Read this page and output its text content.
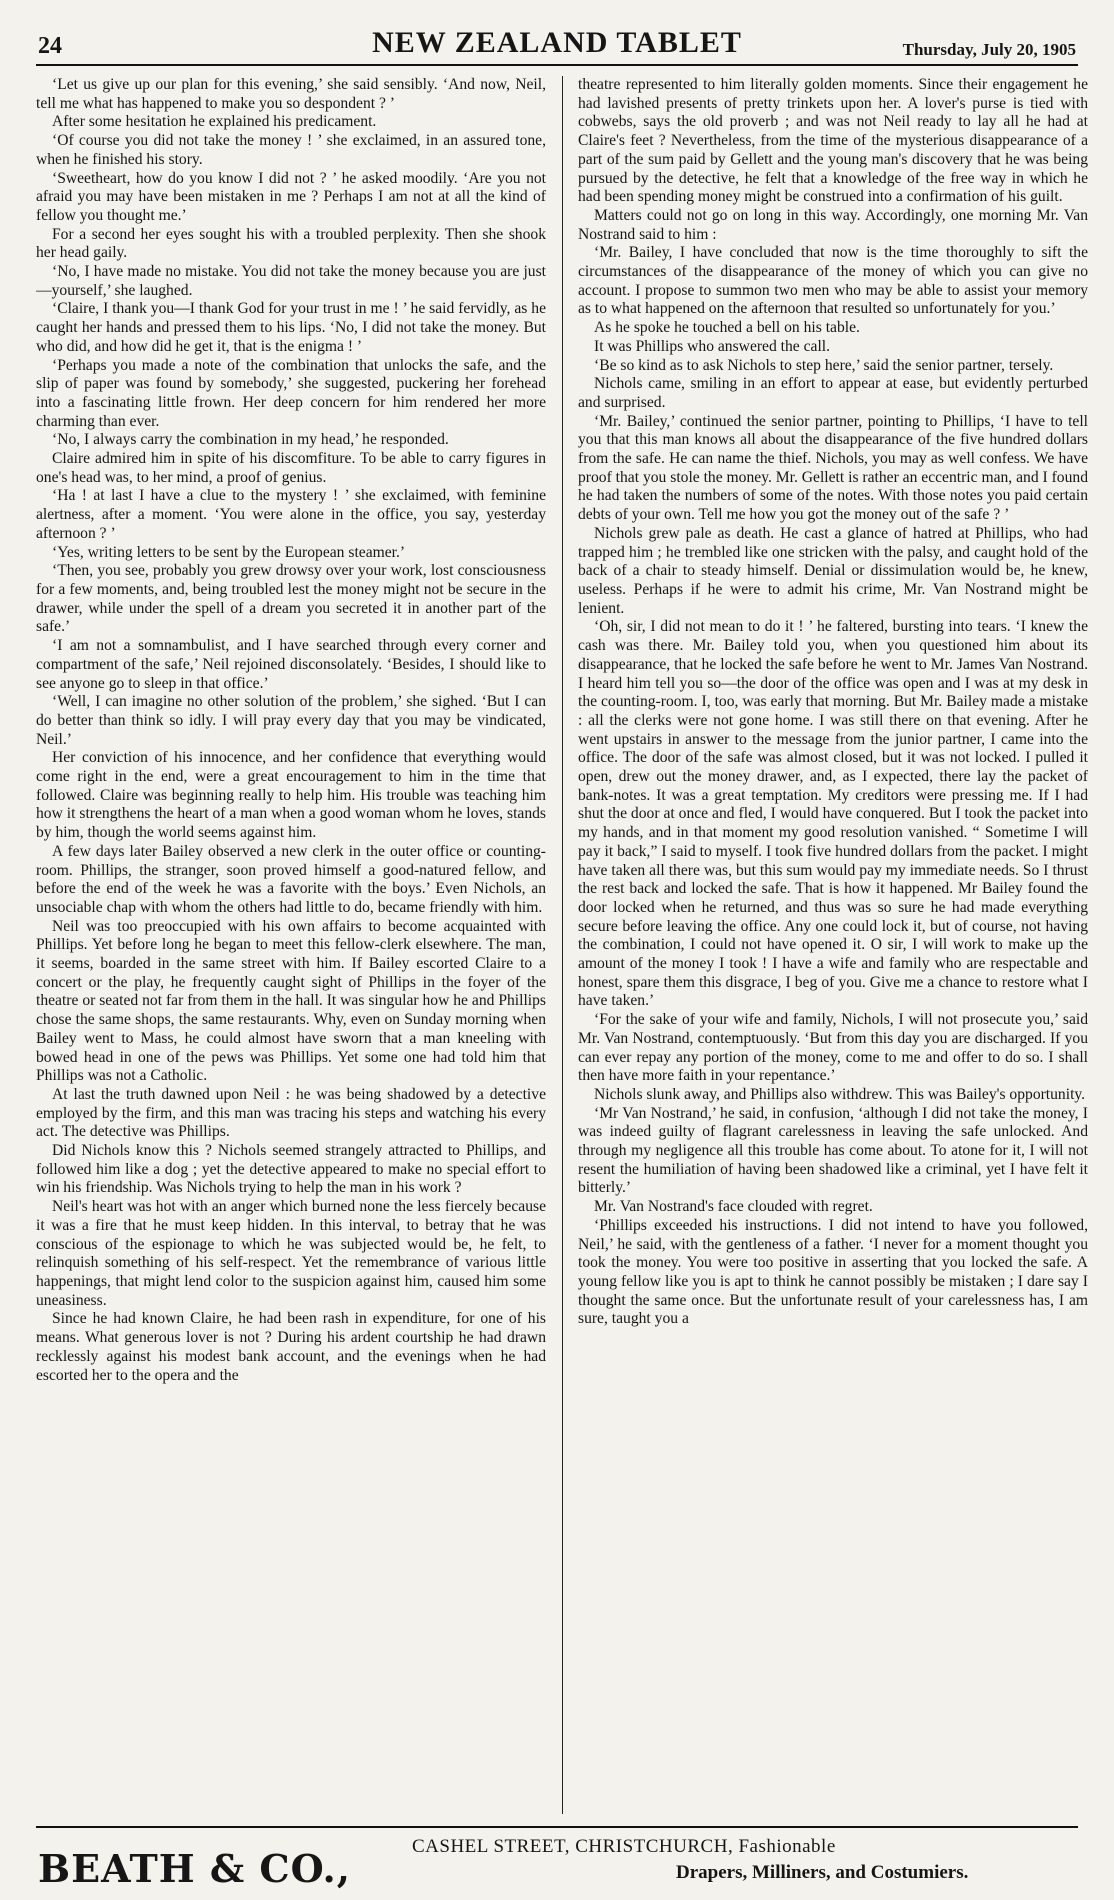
24	NEW ZEALAND TABLET	Thursday, July 20, 1905

‘Let us give up our plan for this evening,’ she said sensibly. ‘And now, Neil, tell me what has happened to make you so despondent ? ’

After some hesitation he explained his predicament.

‘Of course you did not take the money ! ’ she exclaimed, in an assured tone, when he finished his story.

‘Sweetheart, how do you know I did not ? ’ he asked moodily. ‘Are you not afraid you may have been mistaken in me ? Perhaps I am not at all the kind of fellow you thought me.’

For a second her eyes sought his with a troubled perplexity. Then she shook her head gaily.

‘No, I have made no mistake. You did not take the money because you are just—yourself,’ she laughed.

‘Claire, I thank you—I thank God for your trust in me ! ’ he said fervidly, as he caught her hands and pressed them to his lips. ‘No, I did not take the money. But who did, and how did he get it, that is the enigma ! ’

‘Perhaps you made a note of the combination that unlocks the safe, and the slip of paper was found by somebody,’ she suggested, puckering her forehead into a fascinating little frown. Her deep concern for him rendered her more charming than ever.

‘No, I always carry the combination in my head,’ he responded.

Claire admired him in spite of his discomfiture. To be able to carry figures in one's head was, to her mind, a proof of genius.

‘Ha ! at last I have a clue to the mystery ! ’ she exclaimed, with feminine alertness, after a moment. ‘You were alone in the office, you say, yesterday afternoon ? ’

‘Yes, writing letters to be sent by the European steamer.’

‘Then, you see, probably you grew drowsy over your work, lost consciousness for a few moments, and, being troubled lest the money might not be secure in the drawer, while under the spell of a dream you secreted it in another part of the safe.’

‘I am not a somnambulist, and I have searched through every corner and compartment of the safe,’ Neil rejoined disconsolately. ‘Besides, I should like to see anyone go to sleep in that office.’

‘Well, I can imagine no other solution of the problem,’ she sighed. ‘But I can do better than think so idly. I will pray every day that you may be vindicated, Neil.’

Her conviction of his innocence, and her confidence that everything would come right in the end, were a great encouragement to him in the time that followed. Claire was beginning really to help him. His trouble was teaching him how it strengthens the heart of a man when a good woman whom he loves, stands by him, though the world seems against him.

A few days later Bailey observed a new clerk in the outer office or counting-room. Phillips, the stranger, soon proved himself a good-natured fellow, and before the end of the week he was a favorite with the boys.’ Even Nichols, an unsociable chap with whom the others had little to do, became friendly with him.

Neil was too preoccupied with his own affairs to become acquainted with Phillips. Yet before long he began to meet this fellow-clerk elsewhere. The man, it seems, boarded in the same street with him. If Bailey escorted Claire to a concert or the play, he frequently caught sight of Phillips in the foyer of the theatre or seated not far from them in the hall. It was singular how he and Phillips chose the same shops, the same restaurants. Why, even on Sunday morning when Bailey went to Mass, he could almost have sworn that a man kneeling with bowed head in one of the pews was Phillips. Yet some one had told him that Phillips was not a Catholic.

At last the truth dawned upon Neil : he was being shadowed by a detective employed by the firm, and this man was tracing his steps and watching his every act. The detective was Phillips.

Did Nichols know this ? Nichols seemed strangely attracted to Phillips, and followed him like a dog ; yet the detective appeared to make no special effort to win his friendship. Was Nichols trying to help the man in his work ?

Neil's heart was hot with an anger which burned none the less fiercely because it was a fire that he must keep hidden. In this interval, to betray that he was conscious of the espionage to which he was subjected would be, he felt, to relinquish something of his self-respect. Yet the remembrance of various little happenings, that might lend color to the suspicion against him, caused him some uneasiness.

Since he had known Claire, he had been rash in expenditure, for one of his means. What generous lover is not ? During his ardent courtship he had drawn recklessly against his modest bank account, and the evenings when he had escorted her to the opera and the

theatre represented to him literally golden moments. Since their engagement he had lavished presents of pretty trinkets upon her. A lover's purse is tied with cobwebs, says the old proverb ; and was not Neil ready to lay all he had at Claire's feet ? Nevertheless, from the time of the mysterious disappearance of a part of the sum paid by Gellett and the young man's discovery that he was being pursued by the detective, he felt that a knowledge of the free way in which he had been spending money might be construed into a confirmation of his guilt.

Matters could not go on long in this way. Accordingly, one morning Mr. Van Nostrand said to him :

‘Mr. Bailey, I have concluded that now is the time thoroughly to sift the circumstances of the disappearance of the money of which you can give no account. I propose to summon two men who may be able to assist your memory as to what happened on the afternoon that resulted so unfortunately for you.’

As he spoke he touched a bell on his table.

It was Phillips who answered the call.

‘Be so kind as to ask Nichols to step here,’ said the senior partner, tersely.

Nichols came, smiling in an effort to appear at ease, but evidently perturbed and surprised.

‘Mr. Bailey,’ continued the senior partner, pointing to Phillips, ‘I have to tell you that this man knows all about the disappearance of the five hundred dollars from the safe. He can name the thief. Nichols, you may as well confess. We have proof that you stole the money. Mr. Gellett is rather an eccentric man, and I found he had taken the numbers of some of the notes. With those notes you paid certain debts of your own. Tell me how you got the money out of the safe ? ’

Nichols grew pale as death. He cast a glance of hatred at Phillips, who had trapped him ; he trembled like one stricken with the palsy, and caught hold of the back of a chair to steady himself. Denial or dissimulation would be, he knew, useless. Perhaps if he were to admit his crime, Mr. Van Nostrand might be lenient.

‘Oh, sir, I did not mean to do it ! ’ he faltered, bursting into tears. ‘I knew the cash was there. Mr. Bailey told you, when you questioned him about its disappearance, that he locked the safe before he went to Mr. James Van Nostrand. I heard him tell you so—the door of the office was open and I was at my desk in the counting-room. I, too, was early that morning. But Mr. Bailey made a mistake : all the clerks were not gone home. I was still there on that evening. After he went upstairs in answer to the message from the junior partner, I came into the office. The door of the safe was almost closed, but it was not locked. I pulled it open, drew out the money drawer, and, as I expected, there lay the packet of bank-notes. It was a great temptation. My creditors were pressing me. If I had shut the door at once and fled, I would have conquered. But I took the packet into my hands, and in that moment my good resolution vanished. “ Sometime I will pay it back,” I said to myself. I took five hundred dollars from the packet. I might have taken all there was, but this sum would pay my immediate needs. So I thrust the rest back and locked the safe. That is how it happened. Mr Bailey found the door locked when he returned, and thus was so sure he had made everything secure before leaving the office. Any one could lock it, but of course, not having the combination, I could not have opened it. O sir, I will work to make up the amount of the money I took ! I have a wife and family who are respectable and honest, spare them this disgrace, I beg of you. Give me a chance to restore what I have taken.’

‘For the sake of your wife and family, Nichols, I will not prosecute you,’ said Mr. Van Nostrand, contemptuously. ‘But from this day you are discharged. If you can ever repay any portion of the money, come to me and offer to do so. I shall then have more faith in your repentance.’

Nichols slunk away, and Phillips also withdrew. This was Bailey's opportunity.

‘Mr Van Nostrand,’ he said, in confusion, ‘although I did not take the money, I was indeed guilty of flagrant carelessness in leaving the safe unlocked. And through my negligence all this trouble has come about. To atone for it, I will not resent the humiliation of having been shadowed like a criminal, yet I have felt it bitterly.’

Mr. Van Nostrand's face clouded with regret.

‘Phillips exceeded his instructions. I did not intend to have you followed, Neil,’ he said, with the gentleness of a father. ‘I never for a moment thought you took the money. You were too positive in asserting that you locked the safe. A young fellow like you is apt to think he cannot possibly be mistaken ; I dare say I thought the same once. But the unfortunate result of your carelessness has, I am sure, taught you a

BEATH & CO.,	CASHEL STREET, CHRISTCHURCH, Fashionable
Drapers, Milliners, and Costumiers.
